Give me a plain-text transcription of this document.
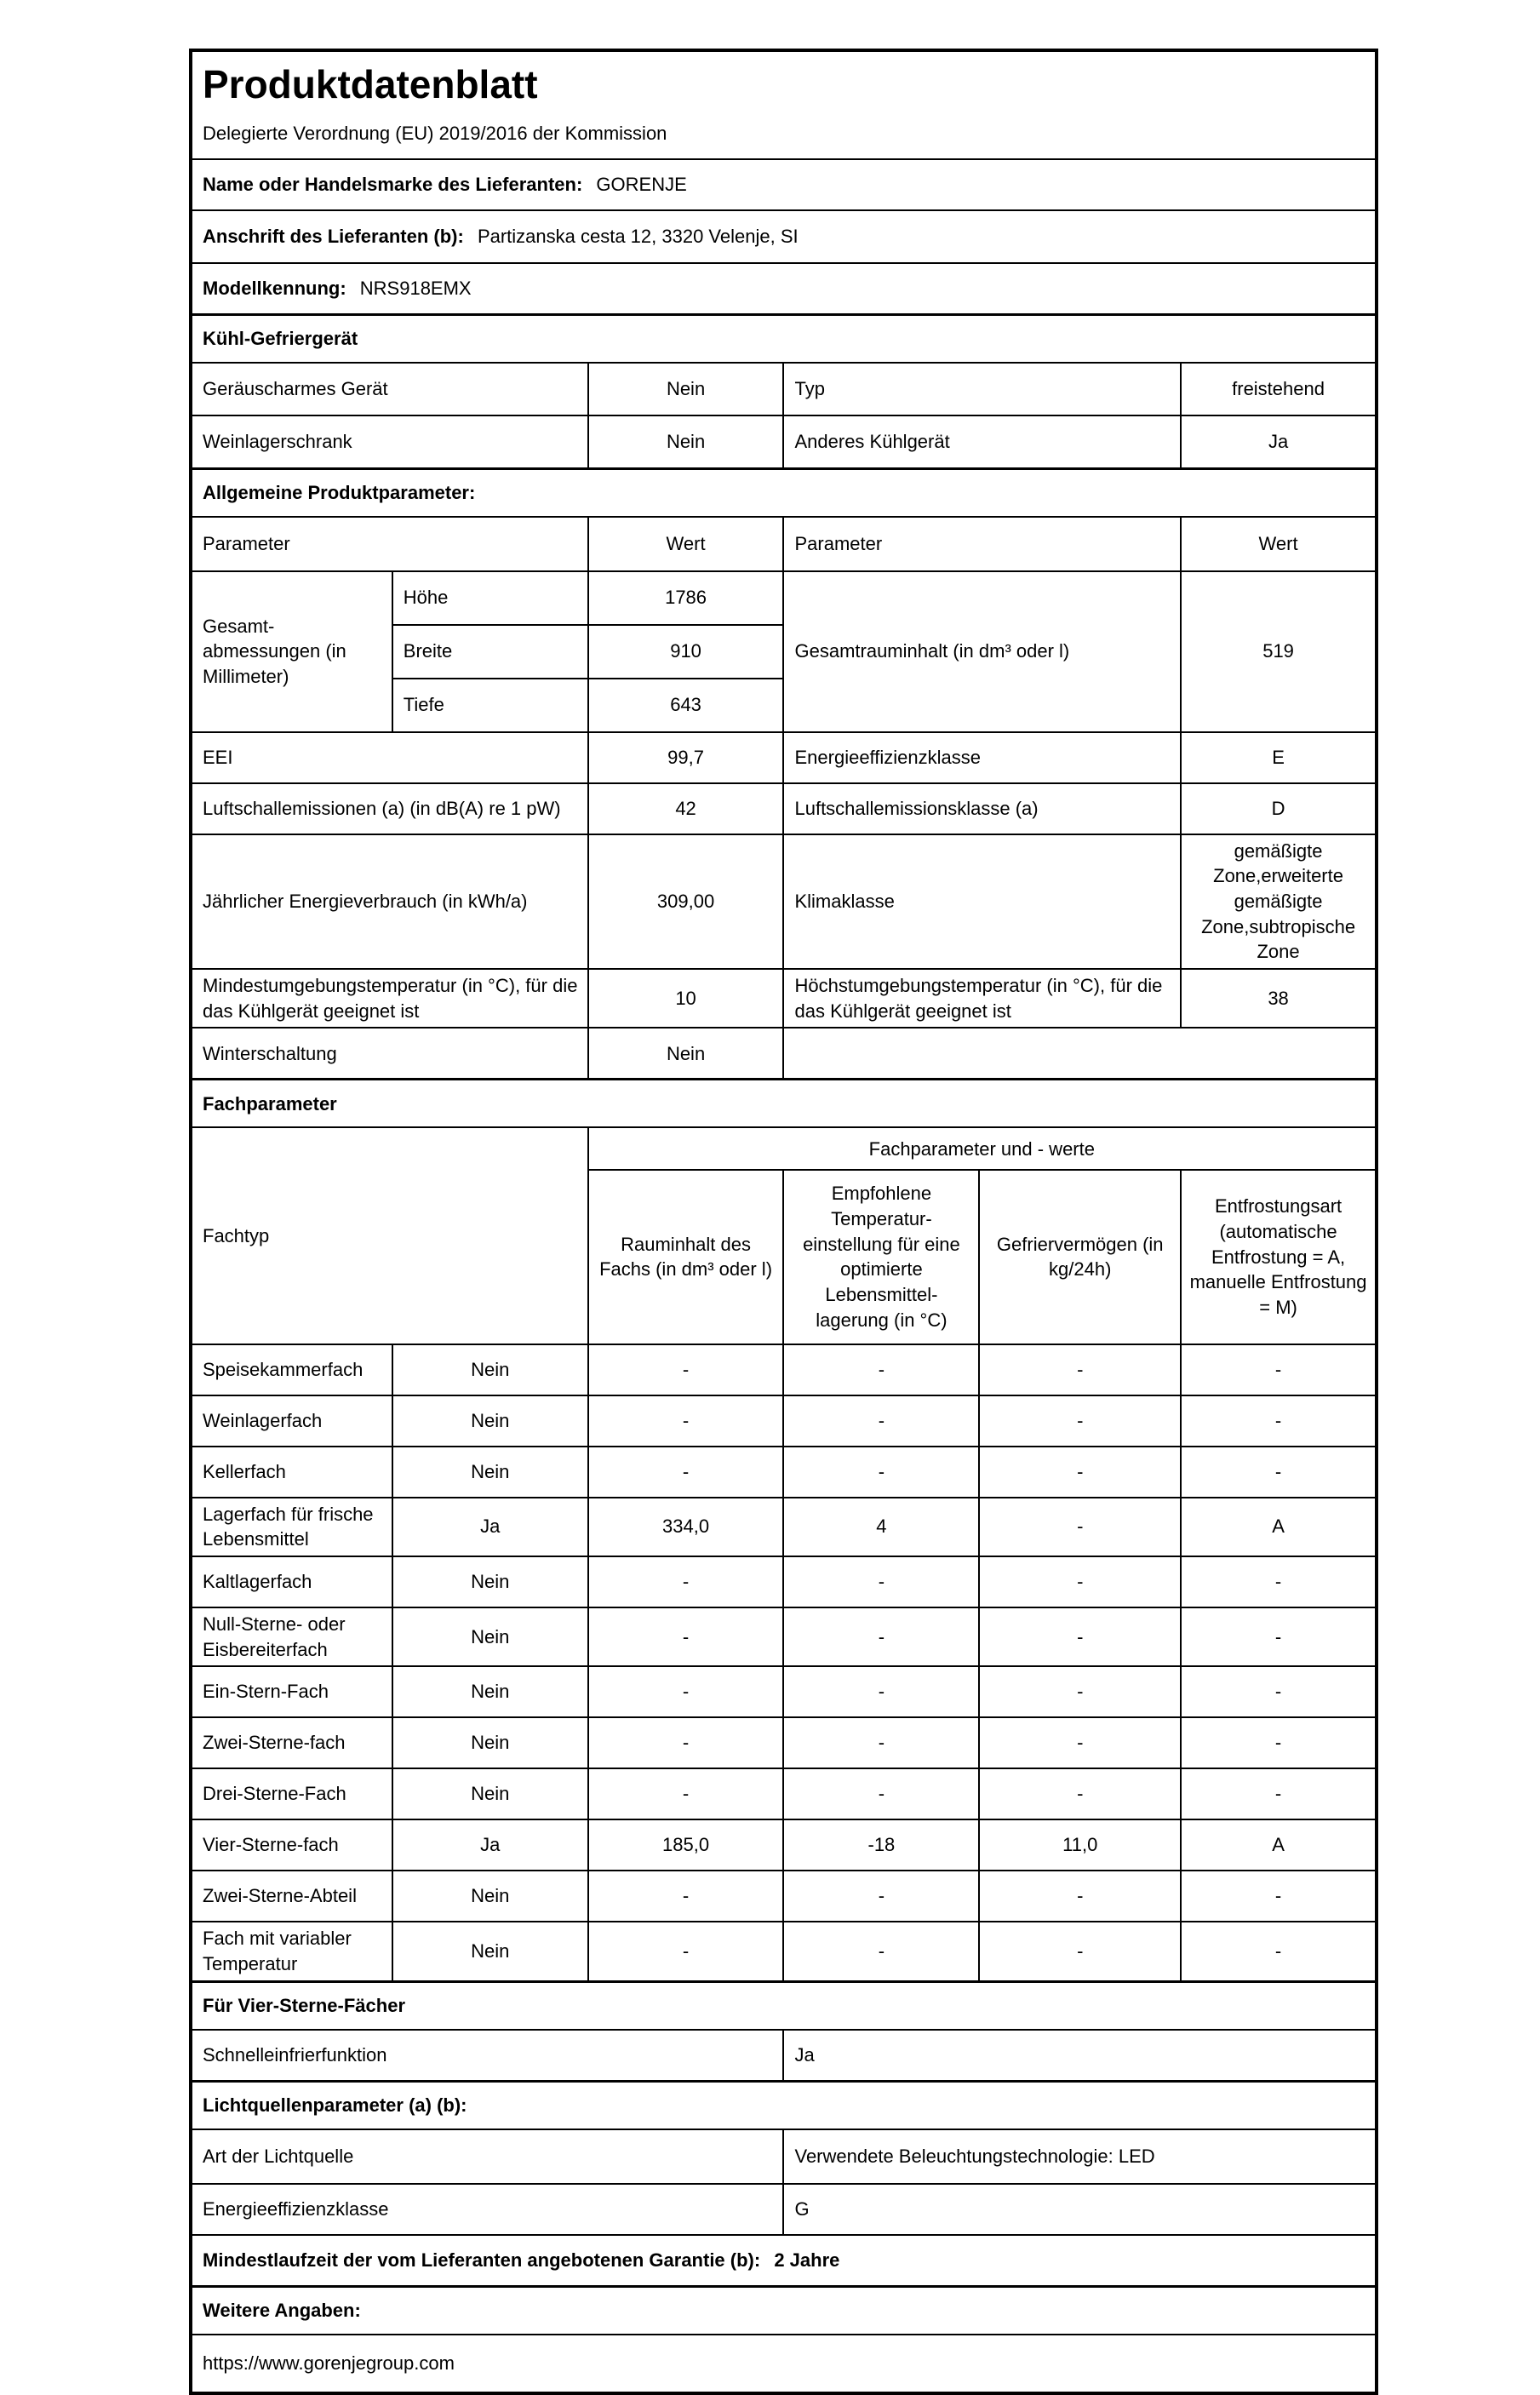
Produktdatenblatt
Delegierte Verordnung (EU) 2019/2016 der Kommission					

Name oder Handelsmarke des Lieferanten: GORENJE					
Anschrift des Lieferanten (b): Partizanska cesta 12, 3320 Velenje, SI					
Modellkennung: NRS918EMX					
Kühl-Gefriergerät					
Geräuscharmes Gerät		Nein	Typ		freistehend
Weinlagerschrank		Nein	Anderes Kühlgerät		Ja
Allgemeine Produktparameter:					
Parameter		Wert	Parameter		Wert
Gesamt-abmessungen (in Millimeter)	Höhe	1786	Gesamtrauminhalt (in dm³ oder l)		519
	Breite	910			
	Tiefe	643			
EEI		99,7	Energieeffizienzklasse		E
Luftschallemissionen (a) (in dB(A) re 1 pW)		42	Luftschallemissionsklasse (a)		D
Jährlicher Energieverbrauch (in kWh/a)		309,00	Klimaklasse		gemäßigte Zone,erweiterte gemäßigte Zone,subtropische Zone
Mindestumgebungstemperatur (in °C), für die das Kühlgerät geeignet ist		10	Höchstumgebungstemperatur (in °C), für die das Kühlgerät geeignet ist		38
Winterschaltung		Nein			
Fachparameter					
Fachtyp		Fachparameter und - werte			
		Rauminhalt des Fachs (in dm³ oder l)	Empfohlene Temperatur-einstellung für eine optimierte Lebensmittel-lagerung (in °C)	Gefriervermögen (in kg/24h)	Entfrostungsart (automatische Entfrostung = A, manuelle Entfrostung = M)
Speisekammerfach	Nein	-	-	-	-
Weinlagerfach	Nein	-	-	-	-
Kellerfach	Nein	-	-	-	-
Lagerfach für frische Lebensmittel	Ja	334,0	4	-	A
Kaltlagerfach	Nein	-	-	-	-
Null-Sterne- oder Eisbereiterfach	Nein	-	-	-	-
Ein-Stern-Fach	Nein	-	-	-	-
Zwei-Sterne-fach	Nein	-	-	-	-
Drei-Sterne-Fach	Nein	-	-	-	-
Vier-Sterne-fach	Ja	185,0	-18	11,0	A
Zwei-Sterne-Abteil	Nein	-	-	-	-
Fach mit variabler Temperatur	Nein	-	-	-	-
Für Vier-Sterne-Fächer					
Schnelleinfrierfunktion			Ja		
Lichtquellenparameter (a) (b):					
Art der Lichtquelle			Verwendete Beleuchtungstechnologie: LED		
Energieeffizienzklasse			G		
Mindestlaufzeit der vom Lieferanten angebotenen Garantie (b): 2 Jahre					
Weitere Angaben:					
https://www.gorenjegroup.com					
